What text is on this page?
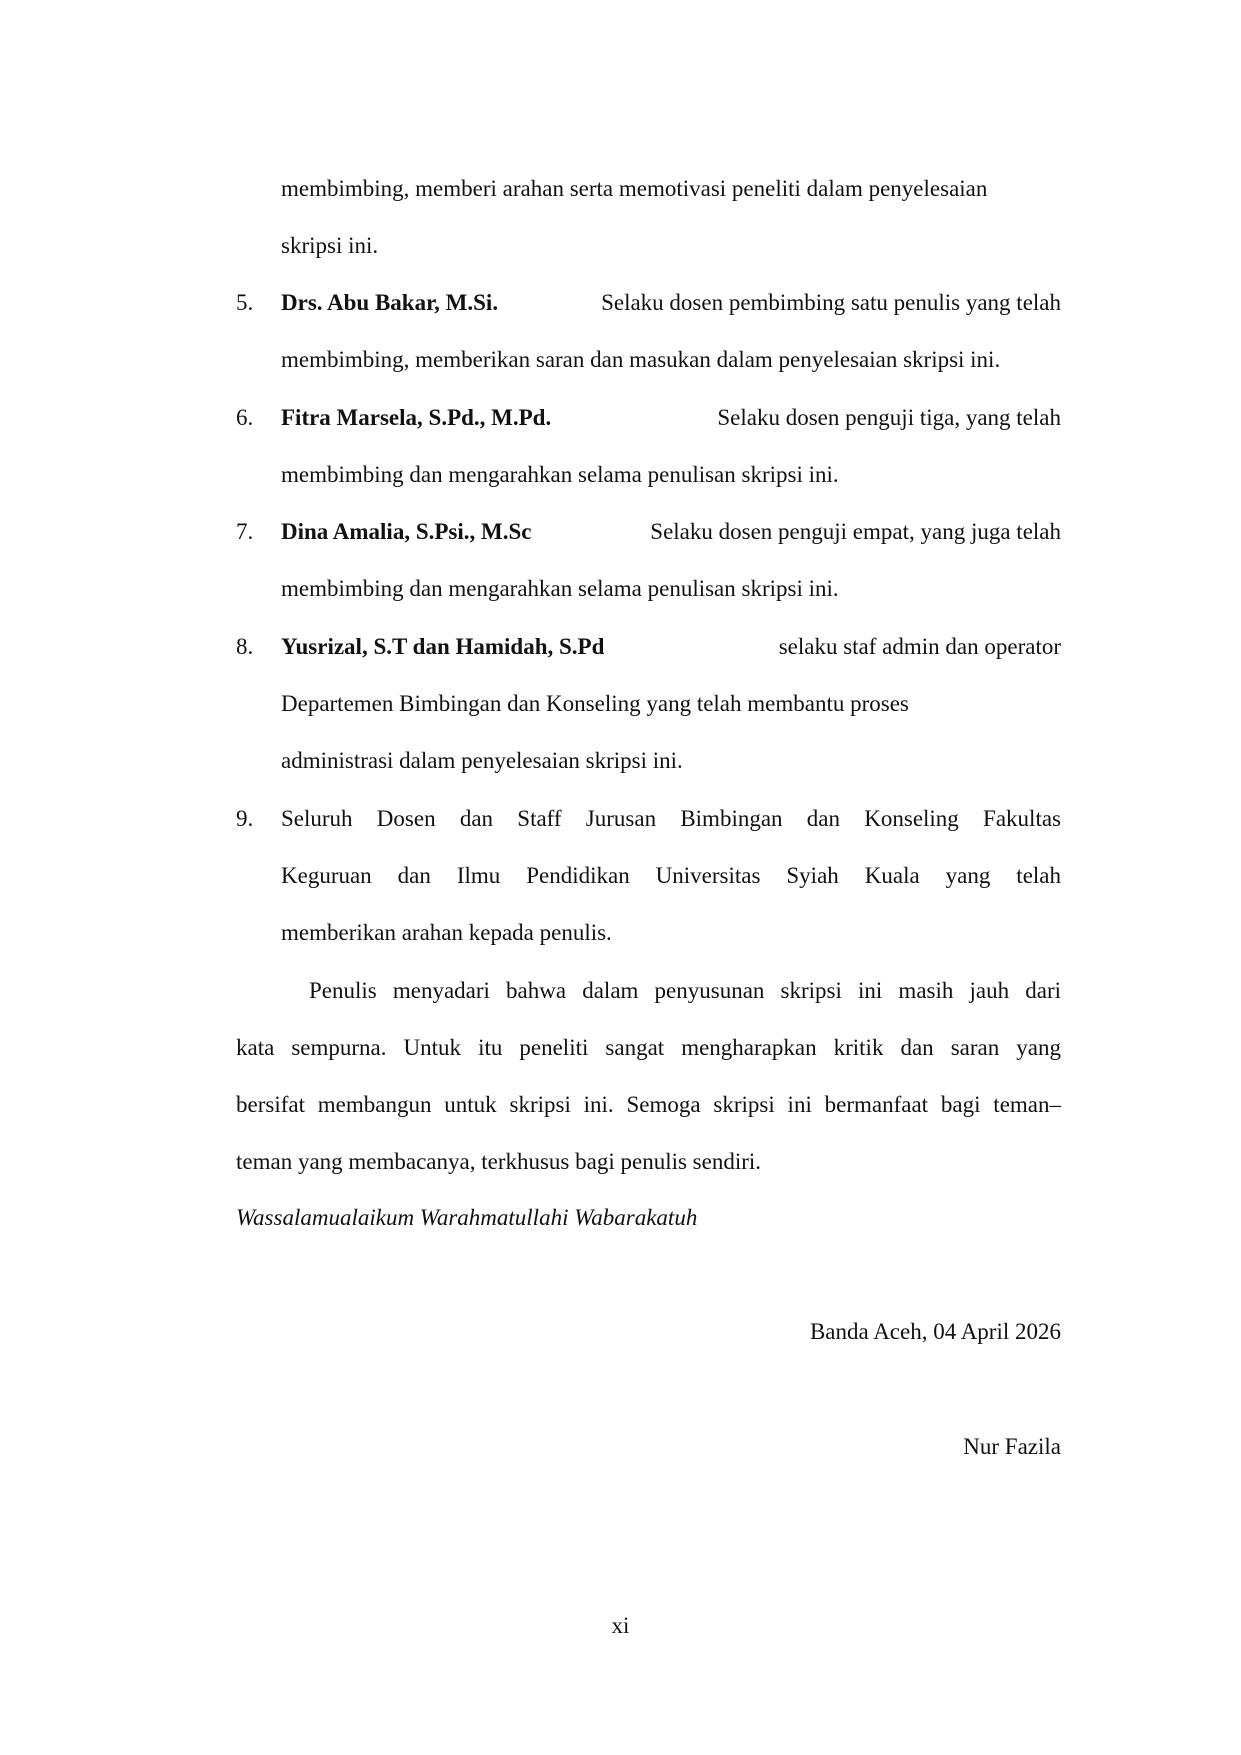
membimbing, memberi arahan serta memotivasi peneliti dalam penyelesaian
skripsi ini.
5. Drs. Abu Bakar, M.Si.	Selaku dosen pembimbing satu penulis yang telah
membimbing, memberikan saran dan masukan dalam penyelesaian skripsi ini.
6. Fitra Marsela, S.Pd., M.Pd.	Selaku dosen penguji tiga, yang telah
membimbing dan mengarahkan selama penulisan skripsi ini.
7. Dina Amalia, S.Psi., M.Sc	Selaku dosen penguji empat, yang juga telah
membimbing dan mengarahkan selama penulisan skripsi ini.
8. Yusrizal, S.T dan Hamidah, S.Pd	selaku staf admin dan operator
Departemen Bimbingan dan Konseling yang telah membantu proses
administrasi dalam penyelesaian skripsi ini.
9. Seluruh Dosen dan Staff Jurusan Bimbingan dan Konseling Fakultas
Keguruan dan Ilmu Pendidikan Universitas Syiah Kuala yang telah
memberikan arahan kepada penulis.
Penulis menyadari bahwa dalam penyusunan skripsi ini masih jauh dari
kata sempurna. Untuk itu peneliti sangat mengharapkan kritik dan saran yang
bersifat membangun untuk skripsi ini. Semoga skripsi ini bermanfaat bagi teman–
teman yang membacanya, terkhusus bagi penulis sendiri.
Wassalamualaikum Warahmatullahi Wabarakatuh
Banda Aceh, 04 April 2026
Nur Fazila
xi
